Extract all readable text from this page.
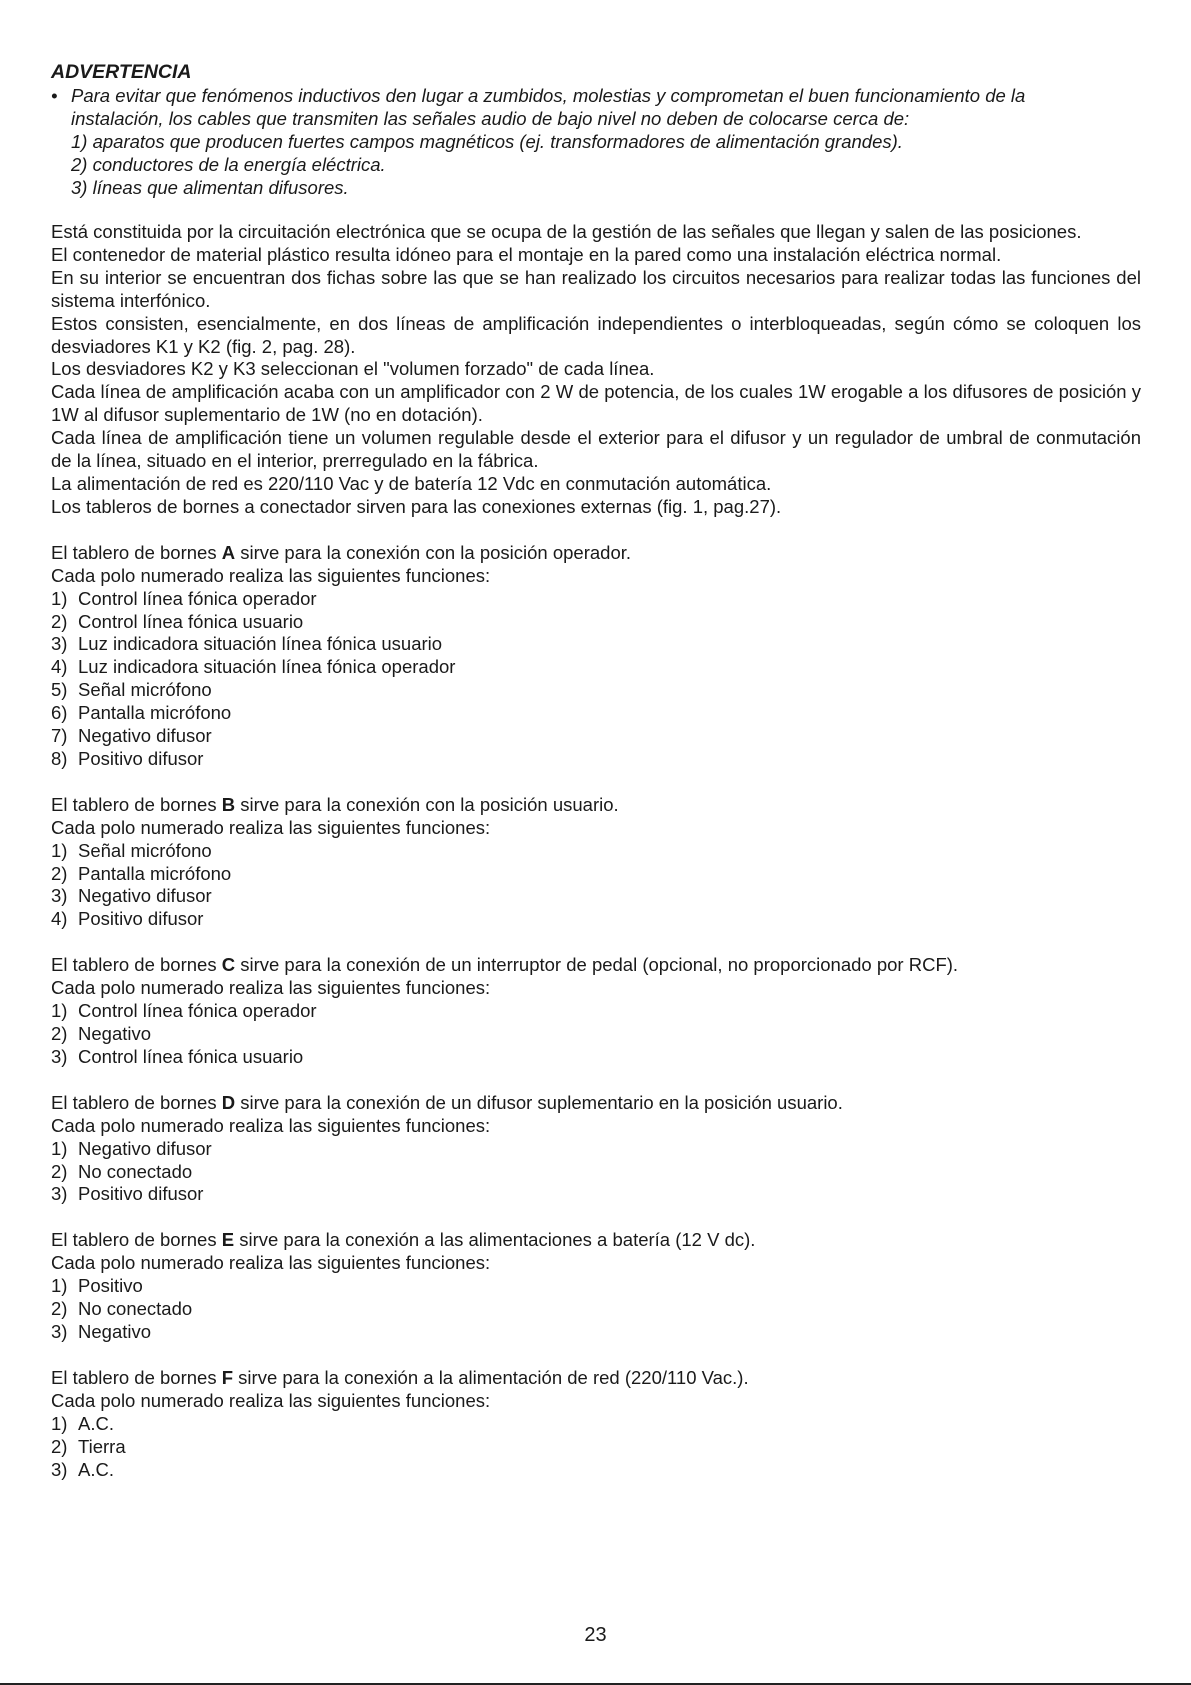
ADVERTENCIA
• Para evitar que fenómenos inductivos den lugar a zumbidos, molestias y comprometan el buen funcionamiento de la
instalación, los cables que transmiten las señales audio de bajo nivel no deben de colocarse cerca de:
1) aparatos que producen fuertes campos magnéticos (ej. transformadores de alimentación grandes).
2) conductores de la energía eléctrica.
3) líneas que alimentan difusores.

Está constituida por la circuitación electrónica que se ocupa de la gestión de las señales que llegan y salen de las posiciones.

El contenedor de material plástico resulta idóneo para el montaje en la pared como una instalación eléctrica normal.

En su interior se encuentran dos fichas sobre las que se han realizado los circuitos necesarios para realizar todas las funciones del sistema interfónico.

Estos consisten, esencialmente, en dos líneas de amplificación independientes o interbloqueadas, según cómo se coloquen los desviadores K1 y K2 (fig. 2, pag. 28).

Los desviadores K2 y K3 seleccionan el "volumen forzado" de cada línea.

Cada línea de amplificación acaba con un amplificador con 2 W de potencia, de los cuales 1W erogable a los difusores de posición y 1W al difusor suplementario de 1W (no en dotación).

Cada línea de amplificación tiene un volumen regulable desde el exterior para el difusor y un regulador de umbral de conmutación de la línea, situado en el interior, prerregulado en la fábrica.

La alimentación de red es 220/110 Vac y de batería 12 Vdc en conmutación automática.

Los tableros de bornes a conectador sirven para las conexiones externas (fig. 1, pag.27).

El tablero de bornes A sirve para la conexión con la posición operador.

Cada polo numerado realiza las siguientes funciones:

1) Control línea fónica operador
2) Control línea fónica usuario
3) Luz indicadora situación línea fónica usuario
4) Luz indicadora situación línea fónica operador
5) Señal micrófono
6) Pantalla micrófono
7) Negativo difusor
8) Positivo difusor

El tablero de bornes B sirve para la conexión con la posición usuario.

Cada polo numerado realiza las siguientes funciones:

1) Señal micrófono
2) Pantalla micrófono
3) Negativo difusor
4) Positivo difusor

El tablero de bornes C sirve para la conexión de un interruptor de pedal (opcional, no proporcionado por RCF).

Cada polo numerado realiza las siguientes funciones:

1) Control línea fónica operador
2) Negativo
3) Control línea fónica usuario

El tablero de bornes D sirve para la conexión de un difusor suplementario en la posición usuario.

Cada polo numerado realiza las siguientes funciones:

1) Negativo difusor
2) No conectado
3) Positivo difusor

El tablero de bornes E sirve para la conexión a las alimentaciones a batería (12 V dc).

Cada polo numerado realiza las siguientes funciones:

1) Positivo
2) No conectado
3) Negativo

El tablero de bornes F sirve para la conexión a la alimentación de red (220/110 Vac.).

Cada polo numerado realiza las siguientes funciones:

1) A.C.
2) Tierra
3) A.C.
23
